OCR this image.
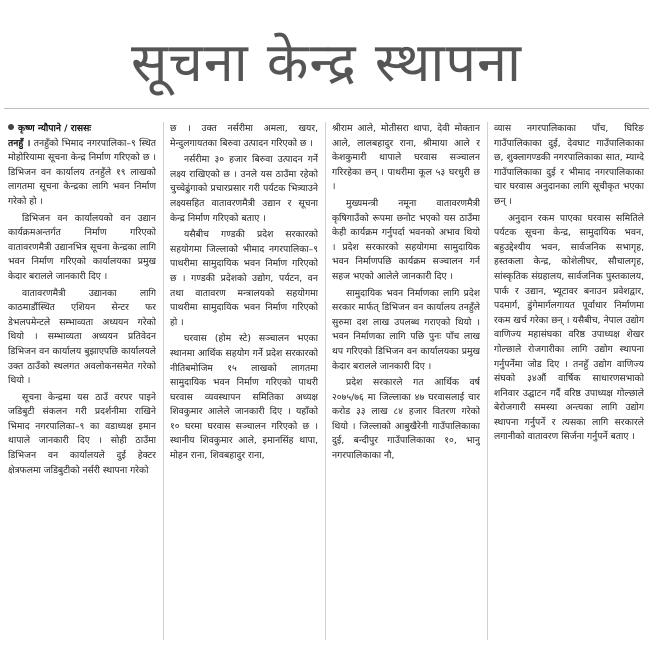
सूचना केन्द्र स्थापना

कृष्ण न्यौपाने / राससः
तनहुँ । तनहुँको भिमाद नगरपालिका–९ स्थित मोहोरियामा सूचना केन्द्र निर्माण गरिएको छ । डिभिजन वन कार्यालय तनहुँले १९ लाखको लागतमा सूचना केन्द्रका लागि भवन निर्माण गरेको हो ।

डिभिजन वन कार्यालयको वन उद्यान कार्यक्रमअन्तर्गत निर्माण गरिएको वातावरणमैत्री उद्यानभित्र सूचना केन्द्रका लागि भवन निर्माण गरिएको कार्यालयका प्रमुख केदार बरालले जानकारी दिए ।

वातावरणमैत्री उद्यानका लागि काठमाडौंस्थित एशियन सेन्टर फर डेभलपमेन्टले सम्भाव्यता अध्ययन गरेको थियो । सम्भाव्यता अध्ययन प्रतिवेदन डिभिजन वन कार्यालय बुझाएपछि कार्यालयले उक्त ठाउँको स्थलगत अवलोकनसमेत गरेको थियो ।

सूचना केन्द्रमा यस ठाउँ वरपर पाइने जडिबुटी संकलन गरी प्रदर्शनीमा राखिने भिमाद नगरपालिका–९ का वडाध्यक्ष इमान थापाले जानकारी दिए । सोही ठाउँमा डिभिजन वन कार्यालयले दुई हेक्टर क्षेत्रफलमा जडिबुटीको नर्सरी स्थापना गरेको

छ । उक्त नर्सरीमा अमला, खयर, मेन्दुलगायतका बिरुवा उत्पादन गरिएको छ ।

नर्सरीमा ३० हजार बिरुवा उत्पादन गर्ने लक्ष्य राखिएको छ । उनले यस ठाउँमा रहेको चुच्चेढुंगाको प्रचारप्रसार गरी पर्यटक भित्र्याउने लक्ष्यसहित वातावरणमैत्री उद्यान र सूचना केन्द्र निर्माण गरिएको बताए ।

यसैबीच गण्डकी प्रदेश सरकारको सहयोगमा जिल्लाको भीमाद नगरपालिका–९ पाथरीमा सामुदायिक भवन निर्माण गरिएको छ । गण्डकी प्रदेशको उद्योग, पर्यटन, वन तथा वातावरण मन्त्रालयको सहयोगमा पाथरीमा सामुदायिक भवन निर्माण गरिएको हो ।

घरवास (होम स्टे) सञ्चालन भएका स्थानमा आर्थिक सहयोग गर्ने प्रदेश सरकारको नीतिबमोजिम १५ लाखको लागतमा सामुदायिक भवन निर्माण गरिएको पाथरी घरवास व्यवस्थापन समितिका अध्यक्ष शिवकुमार आलेले जानकारी दिए । यहाँको १० घरमा घरवास सञ्चालन गरिएको छ । स्थानीय शिवकुमार आले, इमानसिंह थापा, मोहन राना, शिवबहादुर राना,

श्रीराम आले, मोतीसरा थापा, देवी मोक्तान आले, लालबहादुर राना, श्रीमाया आले र केशकुमारी थापाले घरवास सञ्चालन गरिरहेका छन् । पाथरीमा कूल ५३ घरधुरी छ ।

मुख्यमन्त्री नमूना वातावरणमैत्री कृषिगाउँको रूपमा छनोट भएको यस ठाउँमा केही कार्यक्रम गर्नुपर्दा भवनको अभाव थियो । प्रदेश सरकारको सहयोगमा सामुदायिक भवन निर्माणपछि कार्यक्रम सञ्चालन गर्न सहज भएको आलेले जानकारी दिए ।

सामुदायिक भवन निर्माणका लागि प्रदेश सरकार मार्फत् डिभिजन वन कार्यालय तनहुँले सुरुमा दश लाख उपलब्ध गराएको थियो । भवन निर्माणका लागि पछि पुनः पाँच लाख थप गरिएको डिभिजन वन कार्यालयका प्रमुख केदार बरालले जानकारी दिए ।

प्रदेश सरकारले गत आर्थिक वर्ष २०७५/७६ मा जिल्लाका ४७ घरवासलाई चार करोड ३३ लाख ८४ हजार वितरण गरेको थियो । जिल्लाको आबुखैरेनी गाउँपालिकाका दुई, बन्दीपुर गाउँपालिकाका १०, भानु नगरपालिकाका नौ,

व्यास नगरपालिकाका पाँच, घिरिङ गाउँपालिकाका दुई, देवघाट गाउँपालिकाका छ, शुक्लागण्डकी नगरपालिकाका सात, म्याग्दे गाउँपालिकाका दुई र भीमाद नगरपालिकाका चार घरवास अनुदानका लागि सूचीकृत भएका छन् ।

अनुदान रकम पाएका घरवास समितिले पर्यटक सूचना केन्द्र, सामुदायिक भवन, बहुउद्देश्यीय भवन, सार्वजनिक सभागृह, हस्तकला केन्द्र, कोशेलीघर, सौचालगृह, सांस्कृतिक संग्रहालय, सार्वजनिक पुस्तकालय, पार्क र उद्यान, भ्यूटावर बनाउन प्रवेशद्वार, पदमार्ग, डुंगेमार्गलगायत पूर्वाधार निर्माणमा रकम खर्च गरेका छन् । यसैबीच, नेपाल उद्योग वाणिज्य महासंघका वरिष्ठ उपाध्यक्ष शेखर गोल्छाले रोजगारीका लागि उद्योग स्थापना गर्नुपर्नेमा जोड दिए । तनहुँ उद्योग वाणिज्य संघको ३४औं वार्षिक साधारणसभाको शनिवार उद्घाटन गर्दै वरिष्ठ उपाध्यक्ष गोल्छाले बेरोजगारी समस्या अन्त्यका लागि उद्योग स्थापना गर्नुपर्ने र त्यसका लागि सरकारले लगानीको वातावरण सिर्जना गर्नुपर्ने बताए ।
